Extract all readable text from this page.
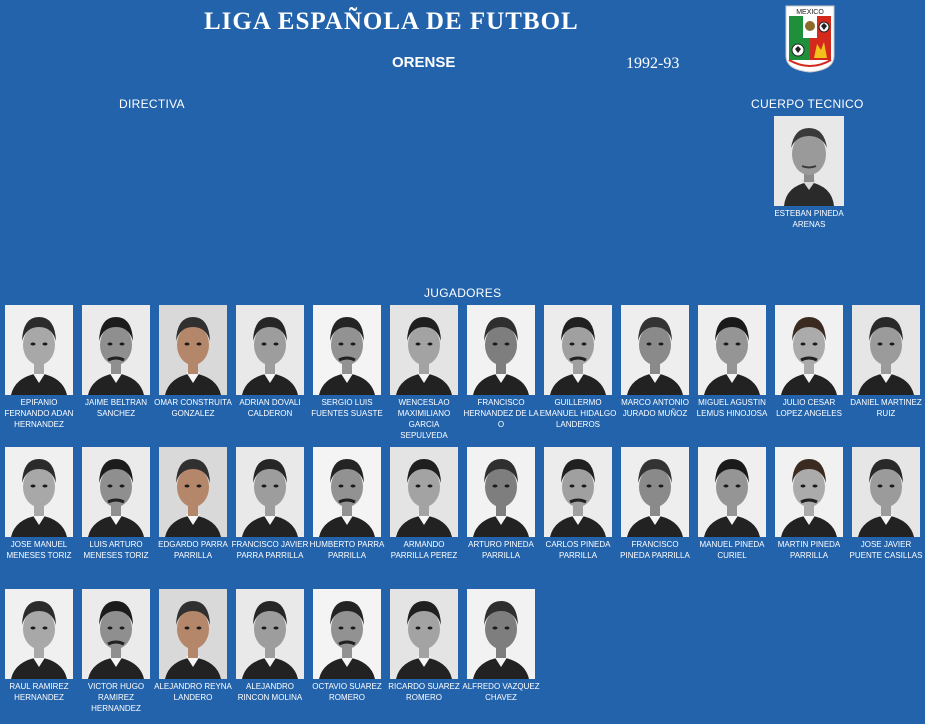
LIGA ESPAÑOLA DE FUTBOL
ORENSE	1992-93
MEXICO
DIRECTIVA	CUERPO TECNICO
JUGADORES
ESTEBAN PINEDA ARENAS
EPIFANIO FERNANDO ADAN HERNANDEZ
JAIME BELTRAN SANCHEZ
OMAR CONSTRUITA GONZALEZ
ADRIAN DOVALI CALDERON
SERGIO LUIS FUENTES SUASTE
WENCESLAO MAXIMILIANO GARCIA SEPULVEDA
FRANCISCO HERNANDEZ DE LA O
GUILLERMO EMANUEL HIDALGO LANDEROS
MARCO ANTONIO JURADO MUÑOZ
MIGUEL AGUSTIN LEMUS HINOJOSA
JULIO CESAR LOPEZ ANGELES
DANIEL MARTINEZ RUIZ
JOSE MANUEL MENESES TORIZ
LUIS ARTURO MENESES TORIZ
EDGARDO PARRA PARRILLA
FRANCISCO JAVIER PARRA PARRILLA
HUMBERTO PARRA PARRILLA
ARMANDO PARRILLA PEREZ
ARTURO PINEDA PARRILLA
CARLOS PINEDA PARRILLA
FRANCISCO PINEDA PARRILLA
MANUEL PINEDA CURIEL
MARTIN PINEDA PARRILLA
JOSE JAVIER PUENTE CASILLAS
RAUL RAMIREZ HERNANDEZ
VICTOR HUGO RAMIREZ HERNANDEZ
ALEJANDRO REYNA LANDERO
ALEJANDRO RINCON MOLINA
OCTAVIO SUAREZ ROMERO
RICARDO SUAREZ ROMERO
ALFREDO VAZQUEZ CHAVEZ
